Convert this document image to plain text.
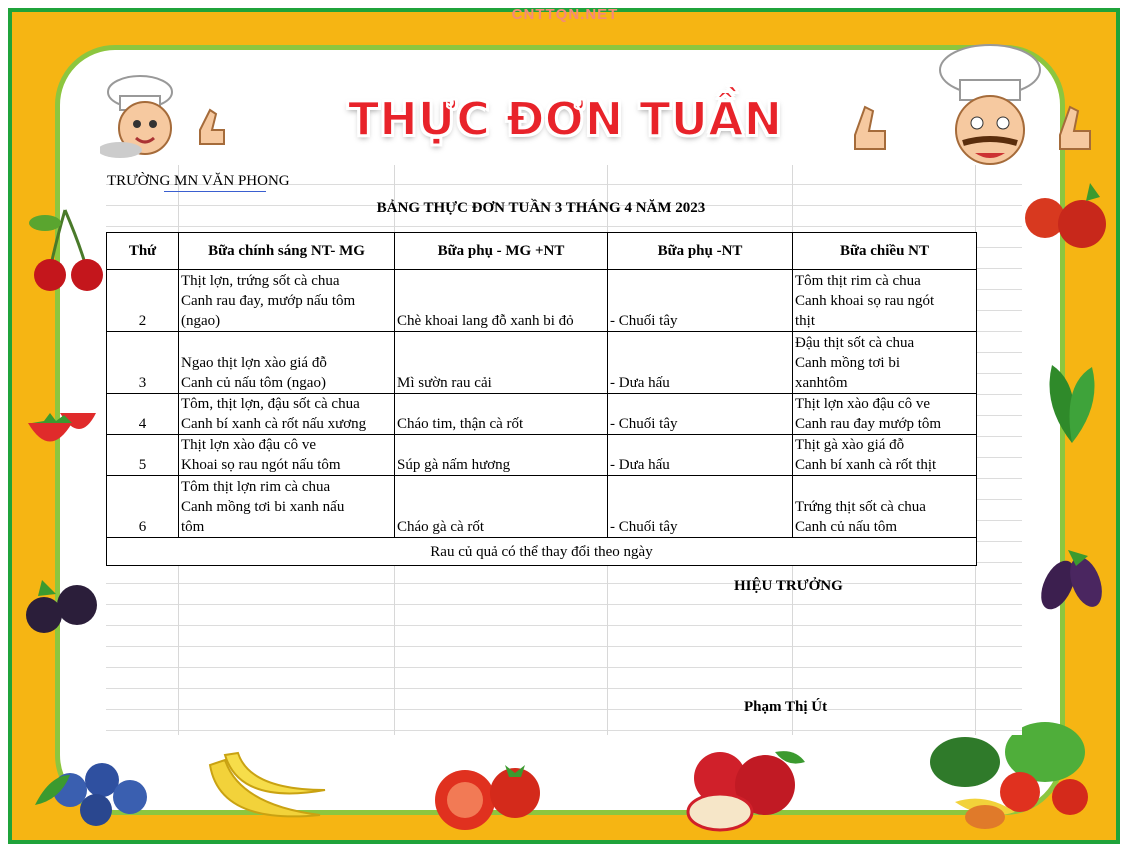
CNTTQN.NET
THỰC ĐƠN TUẦN
TRƯỜNG MN VĂN PHONG
BẢNG THỰC ĐƠN TUẦN 3 THÁNG 4 NĂM 2023
Thứ	Bữa chính sáng NT- MG	Bữa phụ - MG +NT	Bữa phụ -NT	Bữa chiều NT
2	Thịt lợn, trứng sốt cà chua
Canh rau đay, mướp nấu tôm
(ngao)	Chè khoai lang đỗ xanh bi đỏ	- Chuối tây	Tôm thịt rim cà chua
Canh khoai sọ rau ngót
thịt

3	Ngao thịt lợn xào giá đỗ
Canh củ nấu tôm (ngao)	Mì sườn rau cải	- Dưa hấu	Đậu thịt sốt cà chua
Canh mồng tơi bi
xanhtôm

4	Tôm, thịt lợn, đậu sốt cà chua
Canh bí xanh cà rốt nấu xương	Cháo tim, thận cà rốt	- Chuối tây	Thịt lợn xào đậu cô ve
Canh rau đay mướp tôm

5	Thịt lợn xào đậu cô ve
Khoai sọ rau ngót nấu tôm	Súp gà nấm hương	- Dưa hấu	Thịt gà xào giá đỗ
Canh bí xanh cà rốt thịt

6	Tôm thịt lợn rim cà chua
Canh mồng tơi bi xanh nấu
tôm	Cháo gà cà rốt	- Chuối tây	Trứng thịt sốt cà chua
Canh củ nấu tôm

Rau củ quả có thể thay đổi theo ngày				
HIỆU TRƯỞNG
Phạm Thị Út
